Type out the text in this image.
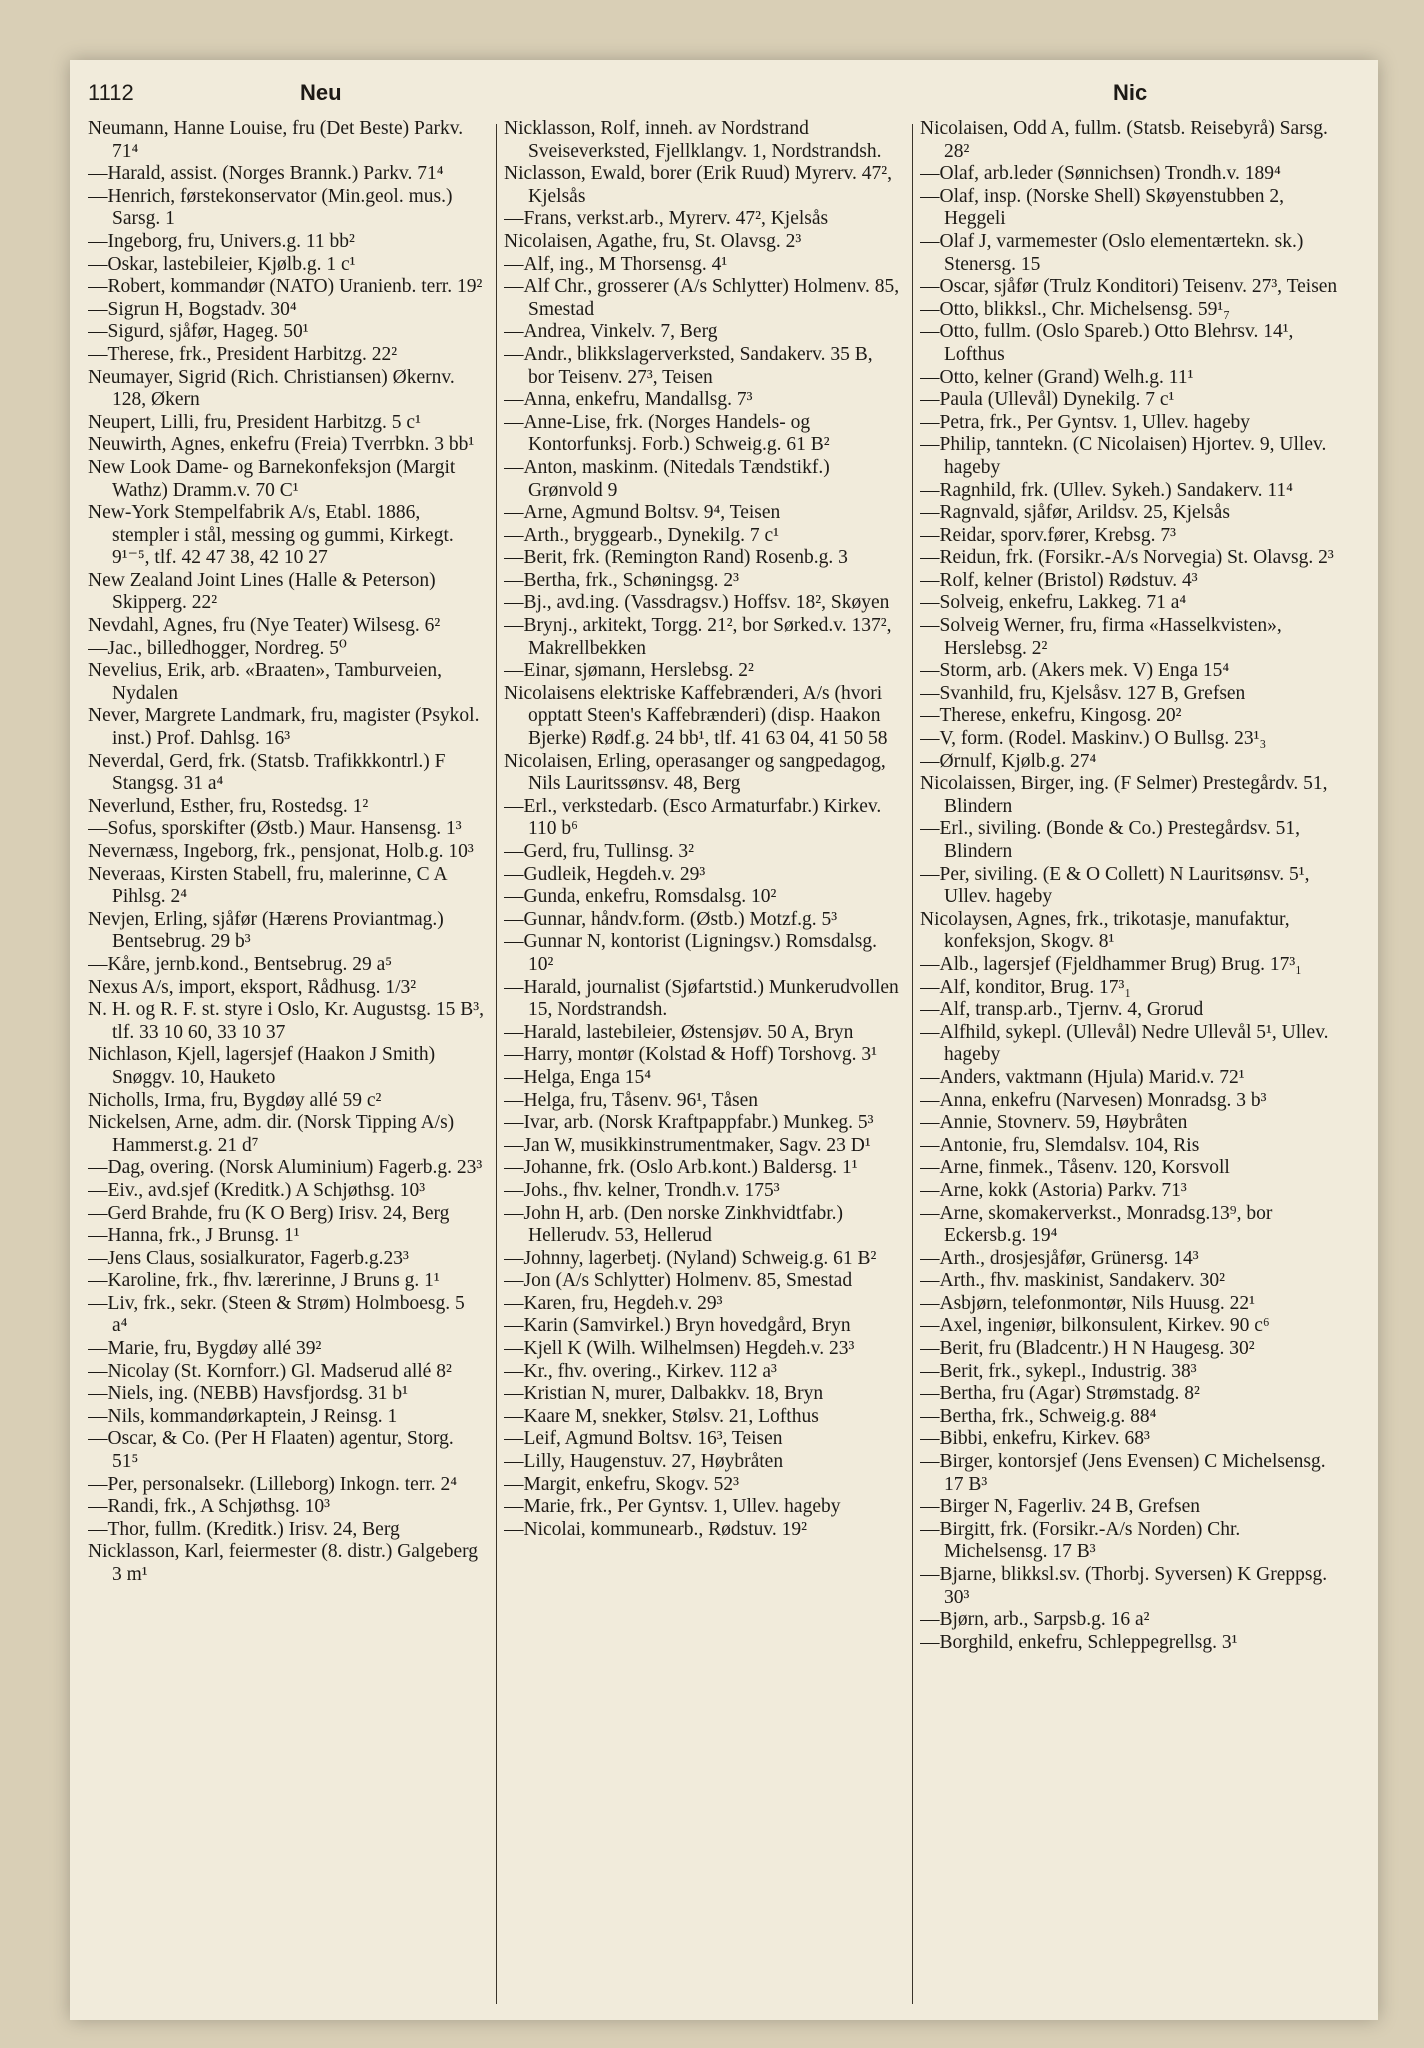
1112	Neu	Nic

Neumann, Hanne Louise, fru (Det Beste) Parkv. 71⁴

—Harald, assist. (Norges Brannk.) Parkv. 71⁴

—Henrich, førstekonservator (Min.geol. mus.) Sarsg. 1

—Ingeborg, fru, Univers.g. 11 bb²

—Oskar, lastebileier, Kjølb.g. 1 c¹

—Robert, kommandør (NATO) Uranienb. terr. 19²

—Sigrun H, Bogstadv. 30⁴

—Sigurd, sjåfør, Hageg. 50¹

—Therese, frk., President Harbitzg. 22²

Neumayer, Sigrid (Rich. Christiansen) Økernv. 128, Økern

Neupert, Lilli, fru, President Harbitzg. 5 c¹

Neuwirth, Agnes, enkefru (Freia) Tverrbkn. 3 bb¹

New Look Dame- og Barnekonfeksjon (Margit Wathz) Dramm.v. 70 C¹

New-York Stempelfabrik A/s, Etabl. 1886, stempler i stål, messing og gummi, Kirkegt. 9¹⁻⁵, tlf. 42 47 38, 42 10 27

New Zealand Joint Lines (Halle & Peterson) Skipperg. 22²

Nevdahl, Agnes, fru (Nye Teater) Wilsesg. 6²

—Jac., billedhogger, Nordreg. 5⁰

Nevelius, Erik, arb. «Braaten», Tamburveien, Nydalen

Never, Margrete Landmark, fru, magister (Psykol. inst.) Prof. Dahlsg. 16³

Neverdal, Gerd, frk. (Statsb. Trafikkkontrl.) F Stangsg. 31 a⁴

Neverlund, Esther, fru, Rostedsg. 1²

—Sofus, sporskifter (Østb.) Maur. Hansensg. 1³

Nevernæss, Ingeborg, frk., pensjonat, Holb.g. 10³

Neveraas, Kirsten Stabell, fru, malerinne, C A Pihlsg. 2⁴

Nevjen, Erling, sjåfør (Hærens Proviantmag.) Bentsebrug. 29 b³

—Kåre, jernb.kond., Bentsebrug. 29 a⁵

Nexus A/s, import, eksport, Rådhusg. 1/3²

N. H. og R. F. st. styre i Oslo, Kr. Augustsg. 15 B³, tlf. 33 10 60, 33 10 37

Nichlason, Kjell, lagersjef (Haakon J Smith) Snøggv. 10, Hauketo

Nicholls, Irma, fru, Bygdøy allé 59 c²

Nickelsen, Arne, adm. dir. (Norsk Tipping A/s) Hammerst.g. 21 d⁷

—Dag, overing. (Norsk Aluminium) Fagerb.g. 23³

—Eiv., avd.sjef (Kreditk.) A Schjøthsg. 10³

—Gerd Brahde, fru (K O Berg) Irisv. 24, Berg

—Hanna, frk., J Brunsg. 1¹

—Jens Claus, sosialkurator, Fagerb.g.23³

—Karoline, frk., fhv. lærerinne, J Bruns g. 1¹

—Liv, frk., sekr. (Steen & Strøm) Holmboesg. 5 a⁴

—Marie, fru, Bygdøy allé 39²

—Nicolay (St. Kornforr.) Gl. Madserud allé 8²

—Niels, ing. (NEBB) Havsfjordsg. 31 b¹

—Nils, kommandørkaptein, J Reinsg. 1

—Oscar, & Co. (Per H Flaaten) agentur, Storg. 51⁵

—Per, personalsekr. (Lilleborg) Inkogn. terr. 2⁴

—Randi, frk., A Schjøthsg. 10³

—Thor, fullm. (Kreditk.) Irisv. 24, Berg

Nicklasson, Karl, feiermester (8. distr.) Galgeberg 3 m¹

Nicklasson, Rolf, inneh. av Nordstrand Sveiseverksted, Fjellklangv. 1, Nordstrandsh.

Niclasson, Ewald, borer (Erik Ruud) Myrerv. 47², Kjelsås

—Frans, verkst.arb., Myrerv. 47², Kjelsås

Nicolaisen, Agathe, fru, St. Olavsg. 2³

—Alf, ing., M Thorsensg. 4¹

—Alf Chr., grosserer (A/s Schlytter) Holmenv. 85, Smestad

—Andrea, Vinkelv. 7, Berg

—Andr., blikkslagerverksted, Sandakerv. 35 B, bor Teisenv. 27³, Teisen

—Anna, enkefru, Mandallsg. 7³

—Anne-Lise, frk. (Norges Handels- og Kontorfunksj. Forb.) Schweig.g. 61 B²

—Anton, maskinm. (Nitedals Tændstikf.) Grønvold 9

—Arne, Agmund Boltsv. 9⁴, Teisen

—Arth., bryggearb., Dynekilg. 7 c¹

—Berit, frk. (Remington Rand) Rosenb.g. 3

—Bertha, frk., Schøningsg. 2³

—Bj., avd.ing. (Vassdragsv.) Hoffsv. 18², Skøyen

—Brynj., arkitekt, Torgg. 21², bor Sørked.v. 137², Makrellbekken

—Einar, sjømann, Herslebsg. 2²

Nicolaisens elektriske Kaffebrænderi, A/s (hvori opptatt Steen's Kaffebrænderi) (disp. Haakon Bjerke) Rødf.g. 24 bb¹, tlf. 41 63 04, 41 50 58

Nicolaisen, Erling, operasanger og sangpedagog, Nils Lauritssønsv. 48, Berg

—Erl., verkstedarb. (Esco Armaturfabr.) Kirkev. 110 b⁶

—Gerd, fru, Tullinsg. 3²

—Gudleik, Hegdeh.v. 29³

—Gunda, enkefru, Romsdalsg. 10²

—Gunnar, håndv.form. (Østb.) Motzf.g. 5³

—Gunnar N, kontorist (Ligningsv.) Romsdalsg. 10²

—Harald, journalist (Sjøfartstid.) Munkerudvollen 15, Nordstrandsh.

—Harald, lastebileier, Østensjøv. 50 A, Bryn

—Harry, montør (Kolstad & Hoff) Torshovg. 3¹

—Helga, Enga 15⁴

—Helga, fru, Tåsenv. 96¹, Tåsen

—Ivar, arb. (Norsk Kraftpappfabr.) Munkeg. 5³

—Jan W, musikkinstrumentmaker, Sagv. 23 D¹

—Johanne, frk. (Oslo Arb.kont.) Baldersg. 1¹

—Johs., fhv. kelner, Trondh.v. 175³

—John H, arb. (Den norske Zinkhvidtfabr.) Hellerudv. 53, Hellerud

—Johnny, lagerbetj. (Nyland) Schweig.g. 61 B²

—Jon (A/s Schlytter) Holmenv. 85, Smestad

—Karen, fru, Hegdeh.v. 29³

—Karin (Samvirkel.) Bryn hovedgård, Bryn

—Kjell K (Wilh. Wilhelmsen) Hegdeh.v. 23³

—Kr., fhv. overing., Kirkev. 112 a³

—Kristian N, murer, Dalbakkv. 18, Bryn

—Kaare M, snekker, Stølsv. 21, Lofthus

—Leif, Agmund Boltsv. 16³, Teisen

—Lilly, Haugenstuv. 27, Høybråten

—Margit, enkefru, Skogv. 52³

—Marie, frk., Per Gyntsv. 1, Ullev. hageby

—Nicolai, kommunearb., Rødstuv. 19²

Nicolaisen, Odd A, fullm. (Statsb. Reisebyrå) Sarsg. 28²

—Olaf, arb.leder (Sønnichsen) Trondh.v. 189⁴

—Olaf, insp. (Norske Shell) Skøyenstubben 2, Heggeli

—Olaf J, varmemester (Oslo elementærtekn. sk.) Stenersg. 15

—Oscar, sjåfør (Trulz Konditori) Teisenv. 27³, Teisen

—Otto, blikksl., Chr. Michelsensg. 59¹₇

—Otto, fullm. (Oslo Spareb.) Otto Blehrsv. 14¹, Lofthus

—Otto, kelner (Grand) Welh.g. 11¹

—Paula (Ullevål) Dynekilg. 7 c¹

—Petra, frk., Per Gyntsv. 1, Ullev. hageby

—Philip, tanntekn. (C Nicolaisen) Hjortev. 9, Ullev. hageby

—Ragnhild, frk. (Ullev. Sykeh.) Sandakerv. 11⁴

—Ragnvald, sjåfør, Arildsv. 25, Kjelsås

—Reidar, sporv.fører, Krebsg. 7³

—Reidun, frk. (Forsikr.-A/s Norvegia) St. Olavsg. 2³

—Rolf, kelner (Bristol) Rødstuv. 4³

—Solveig, enkefru, Lakkeg. 71 a⁴

—Solveig Werner, fru, firma «Hasselkvisten», Herslebsg. 2²

—Storm, arb. (Akers mek. V) Enga 15⁴

—Svanhild, fru, Kjelsåsv. 127 B, Grefsen

—Therese, enkefru, Kingosg. 20²

—V, form. (Rodel. Maskinv.) O Bullsg. 23¹₃

—Ørnulf, Kjølb.g. 27⁴

Nicolaissen, Birger, ing. (F Selmer) Prestegårdv. 51, Blindern

—Erl., siviling. (Bonde & Co.) Prestegårdsv. 51, Blindern

—Per, siviling. (E & O Collett) N Lauritsønsv. 5¹, Ullev. hageby

Nicolaysen, Agnes, frk., trikotasje, manufaktur, konfeksjon, Skogv. 8¹

—Alb., lagersjef (Fjeldhammer Brug) Brug. 17³₁

—Alf, konditor, Brug. 17³₁

—Alf, transp.arb., Tjernv. 4, Grorud

—Alfhild, sykepl. (Ullevål) Nedre Ullevål 5¹, Ullev. hageby

—Anders, vaktmann (Hjula) Marid.v. 72¹

—Anna, enkefru (Narvesen) Monradsg. 3 b³

—Annie, Stovnerv. 59, Høybråten

—Antonie, fru, Slemdalsv. 104, Ris

—Arne, finmek., Tåsenv. 120, Korsvoll

—Arne, kokk (Astoria) Parkv. 71³

—Arne, skomakerverkst., Monradsg.13⁹, bor Eckersb.g. 19⁴

—Arth., drosjesjåfør, Grünersg. 14³

—Arth., fhv. maskinist, Sandakerv. 30²

—Asbjørn, telefonmontør, Nils Huusg. 22¹

—Axel, ingeniør, bilkonsulent, Kirkev. 90 c⁶

—Berit, fru (Bladcentr.) H N Haugesg. 30²

—Berit, frk., sykepl., Industrig. 38³

—Bertha, fru (Agar) Strømstadg. 8²

—Bertha, frk., Schweig.g. 88⁴

—Bibbi, enkefru, Kirkev. 68³

—Birger, kontorsjef (Jens Evensen) C Michelsensg. 17 B³

—Birger N, Fagerliv. 24 B, Grefsen

—Birgitt, frk. (Forsikr.-A/s Norden) Chr. Michelsensg. 17 B³

—Bjarne, blikksl.sv. (Thorbj. Syversen) K Greppsg. 30³

—Bjørn, arb., Sarpsb.g. 16 a²

—Borghild, enkefru, Schleppegrellsg. 3¹
